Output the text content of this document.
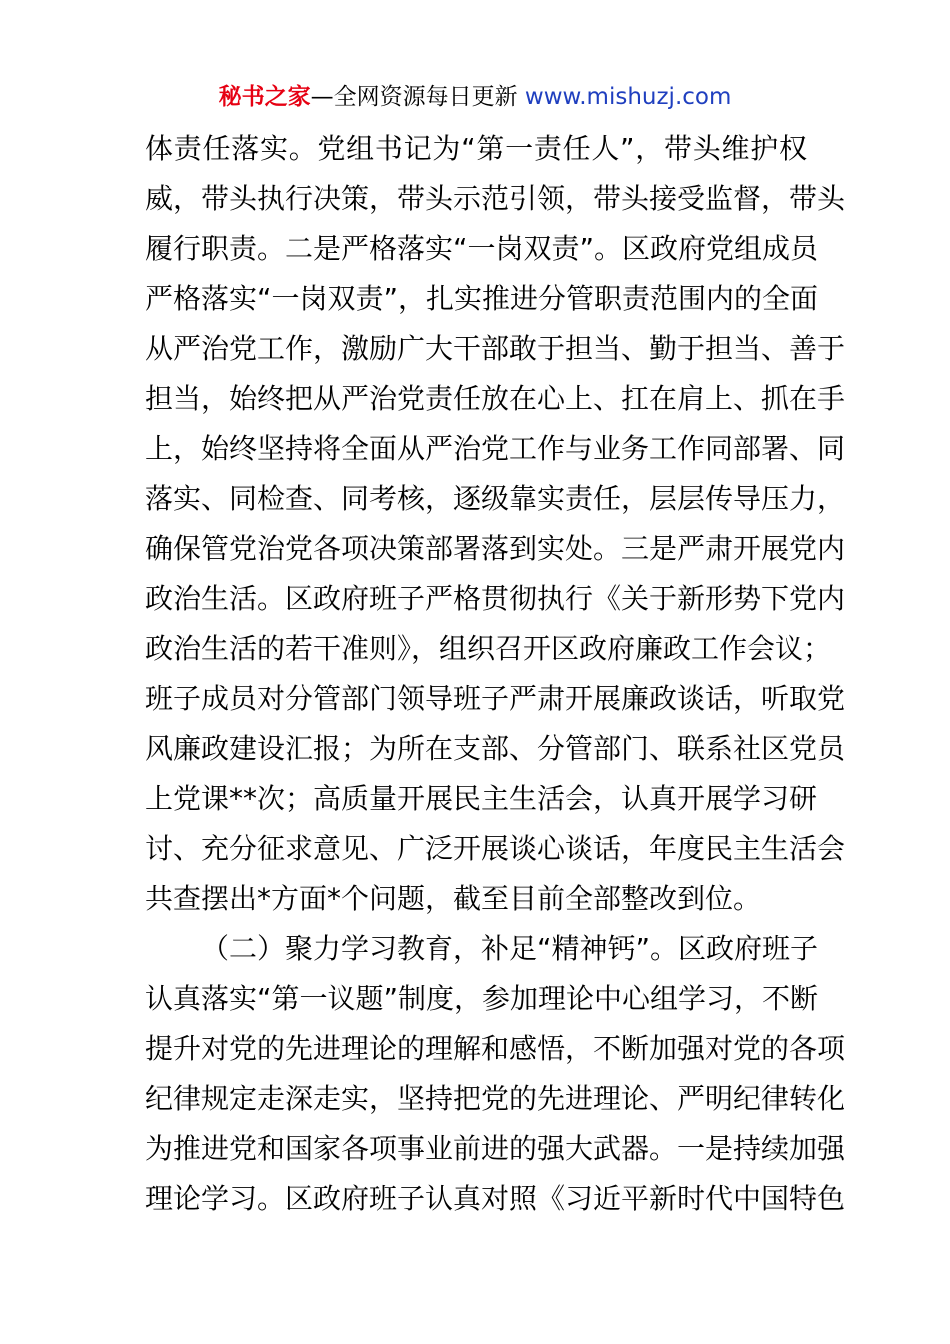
秘书之家—全网资源每日更新 www.mishuzj.com
体责任落实。党组书记为“第一责任人”，带头维护权
威，带头执行决策，带头示范引领，带头接受监督，带头
履行职责。二是严格落实“一岗双责”。区政府党组成员
严格落实“一岗双责”，扎实推进分管职责范围内的全面
从严治党工作，激励广大干部敢于担当、勤于担当、善于
担当，始终把从严治党责任放在心上、扛在肩上、抓在手
上，始终坚持将全面从严治党工作与业务工作同部署、同
落实、同检查、同考核，逐级靠实责任，层层传导压力，
确保管党治党各项决策部署落到实处。三是严肃开展党内
政治生活。区政府班子严格贯彻执行《关于新形势下党内
政治生活的若干准则》，组织召开区政府廉政工作会议；
班子成员对分管部门领导班子严肃开展廉政谈话，听取党
风廉政建设汇报；为所在支部、分管部门、联系社区党员
上党课**次；高质量开展民主生活会，认真开展学习研
讨、充分征求意见、广泛开展谈心谈话，年度民主生活会
共查摆出*方面*个问题，截至目前全部整改到位。
（二）聚力学习教育，补足“精神钙”。区政府班子
认真落实“第一议题”制度，参加理论中心组学习，不断
提升对党的先进理论的理解和感悟，不断加强对党的各项
纪律规定走深走实，坚持把党的先进理论、严明纪律转化
为推进党和国家各项事业前进的强大武器。一是持续加强
理论学习。区政府班子认真对照《习近平新时代中国特色
